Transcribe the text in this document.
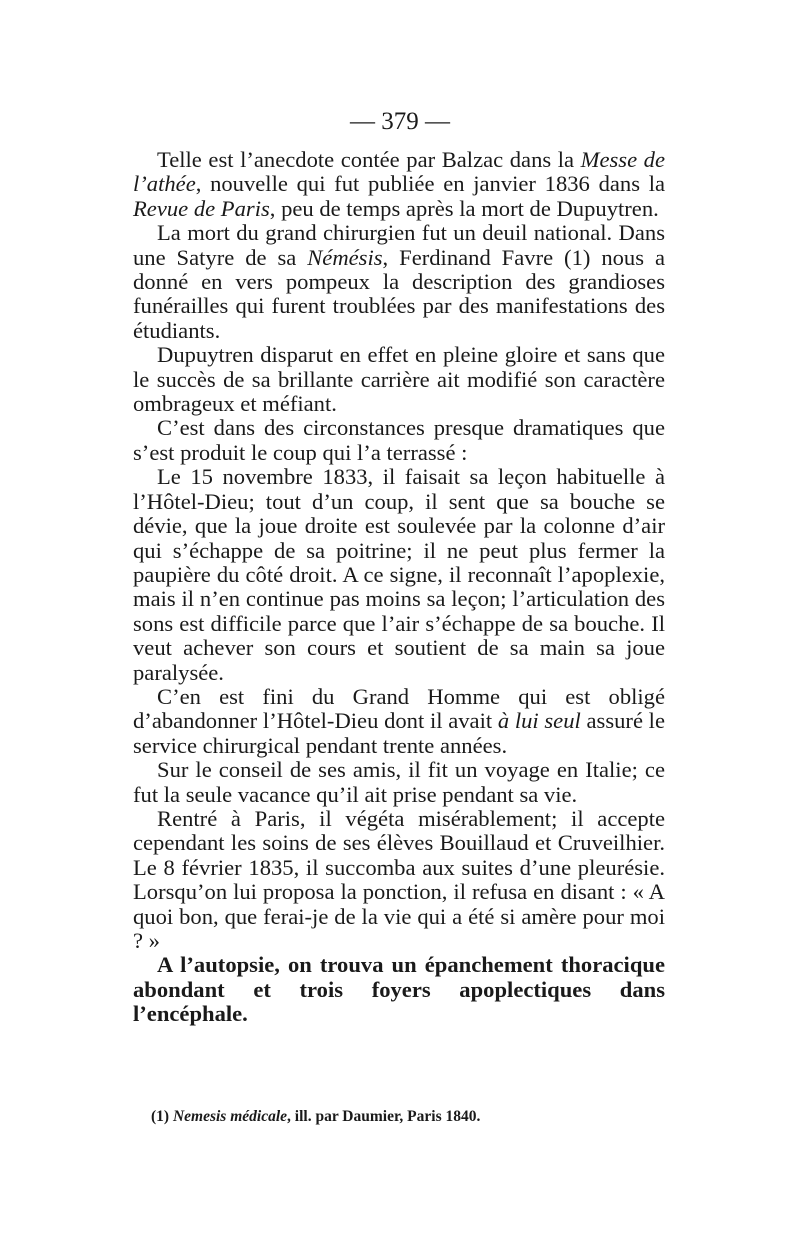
— 379 —

Telle est l’anecdote contée par Balzac dans la Messe de l’athée, nouvelle qui fut publiée en janvier 1836 dans la Revue de Paris, peu de temps après la mort de Dupuytren.

La mort du grand chirurgien fut un deuil national. Dans une Satyre de sa Némésis, Ferdinand Favre (1) nous a donné en vers pompeux la description des grandioses funérailles qui furent troublées par des manifestations des étudiants.

Dupuytren disparut en effet en pleine gloire et sans que le succès de sa brillante carrière ait modifié son caractère ombrageux et méfiant.

C’est dans des circonstances presque dramatiques que s’est produit le coup qui l’a terrassé :

Le 15 novembre 1833, il faisait sa leçon habituelle à l’Hôtel-Dieu; tout d’un coup, il sent que sa bouche se dévie, que la joue droite est soulevée par la colonne d’air qui s’échappe de sa poitrine; il ne peut plus fermer la paupière du côté droit. A ce signe, il reconnaît l’apoplexie, mais il n’en continue pas moins sa leçon; l’articulation des sons est difficile parce que l’air s’échappe de sa bouche. Il veut achever son cours et soutient de sa main sa joue paralysée.

C’en est fini du Grand Homme qui est obligé d’abandonner l’Hôtel-Dieu dont il avait à lui seul assuré le service chirurgical pendant trente années.

Sur le conseil de ses amis, il fit un voyage en Italie; ce fut la seule vacance qu’il ait prise pendant sa vie.

Rentré à Paris, il végéta misérablement; il accepte cependant les soins de ses élèves Bouillaud et Cruveilhier. Le 8 février 1835, il succomba aux suites d’une pleurésie. Lorsqu’on lui proposa la ponction, il refusa en disant : « A quoi bon, que ferai-je de la vie qui a été si amère pour moi ? »

A l’autopsie, on trouva un épanchement thoracique abondant et trois foyers apoplectiques dans l’encéphale.

(1) Nemesis médicale, ill. par Daumier, Paris 1840.
